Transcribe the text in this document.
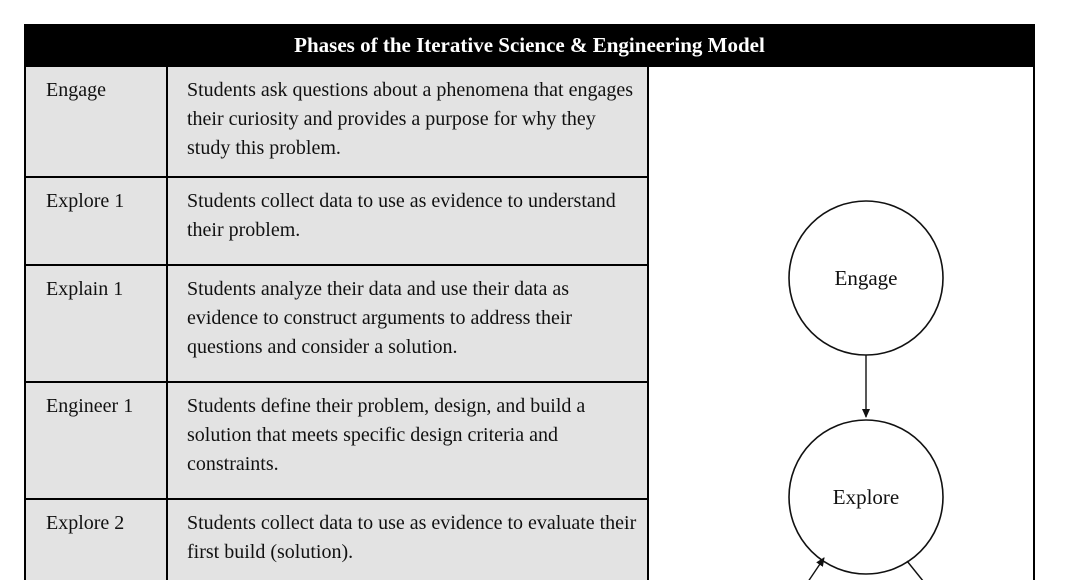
Phases of the Iterative Science & Engineering Model
Engage	Students ask questions about a phenomena that engages their curiosity and provides a purpose for why they study this problem.
Explore 1	Students collect data to use as evidence to understand their problem.
Explain 1	Students analyze their data and use their data as evidence to construct arguments to address their questions and consider a solution.
Engineer 1	Students define their problem, design, and build a solution that meets specific design criteria and constraints.
Explore 2	Students collect data to use as evidence to evaluate their first build (solution).
Engage
Explore
